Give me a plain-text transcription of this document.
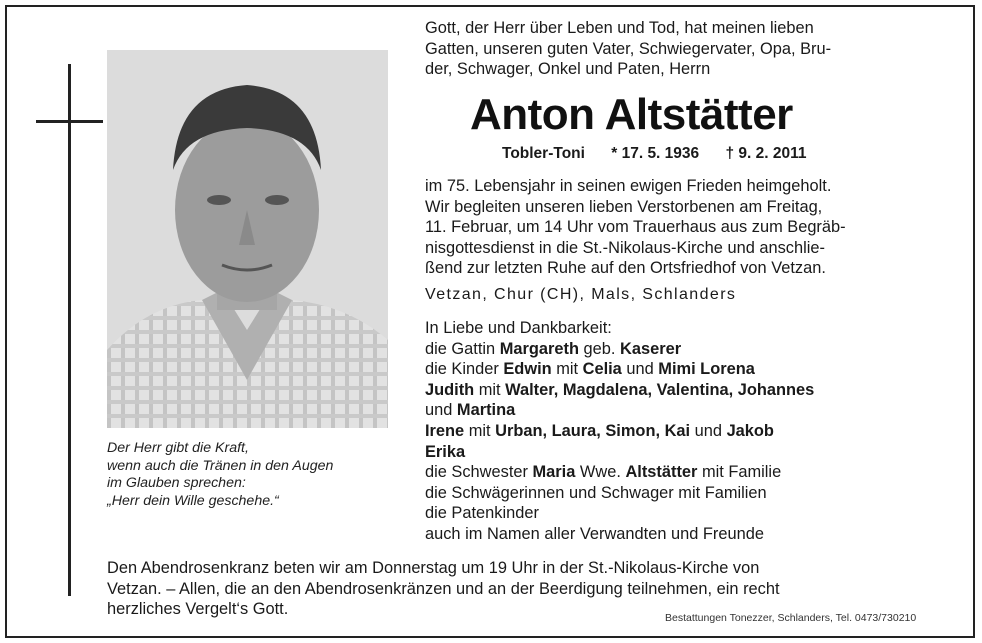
Der Herr gibt die Kraft,
wenn auch die Tränen in den Augen
im Glauben sprechen:
„Herr dein Wille geschehe.“
Gott, der Herr über Leben und Tod, hat meinen lieben
Gatten, unseren guten Vater, Schwiegervater, Opa, Bru-
der, Schwager, Onkel und Paten, Herrn
Anton Altstätter
Tobler-Toni * 17. 5. 1936 † 9. 2. 2011
im 75. Lebensjahr in seinen ewigen Frieden heimgeholt.
Wir begleiten unseren lieben Verstorbenen am Freitag,
11. Februar, um 14 Uhr vom Trauerhaus aus zum Begräb-
nisgottesdienst in die St.-Nikolaus-Kirche und anschlie-
ßend zur letzten Ruhe auf den Ortsfriedhof von Vetzan.
Vetzan, Chur (CH), Mals, Schlanders
In Liebe und Dankbarkeit:
die Gattin Margareth geb. Kaserer
die Kinder Edwin mit Celia und Mimi Lorena
Judith mit Walter, Magdalena, Valentina, Johannes
und Martina
Irene mit Urban, Laura, Simon, Kai und Jakob
Erika
die Schwester Maria Wwe. Altstätter mit Familie
die Schwägerinnen und Schwager mit Familien
die Patenkinder
auch im Namen aller Verwandten und Freunde
Den Abendrosenkranz beten wir am Donnerstag um 19 Uhr in der St.-Nikolaus-Kirche von
Vetzan. – Allen, die an den Abendrosenkränzen und an der Beerdigung teilnehmen, ein recht
herzliches Vergelt‘s Gott.	Bestattungen Tonezzer, Schlanders, Tel. 0473/730210
